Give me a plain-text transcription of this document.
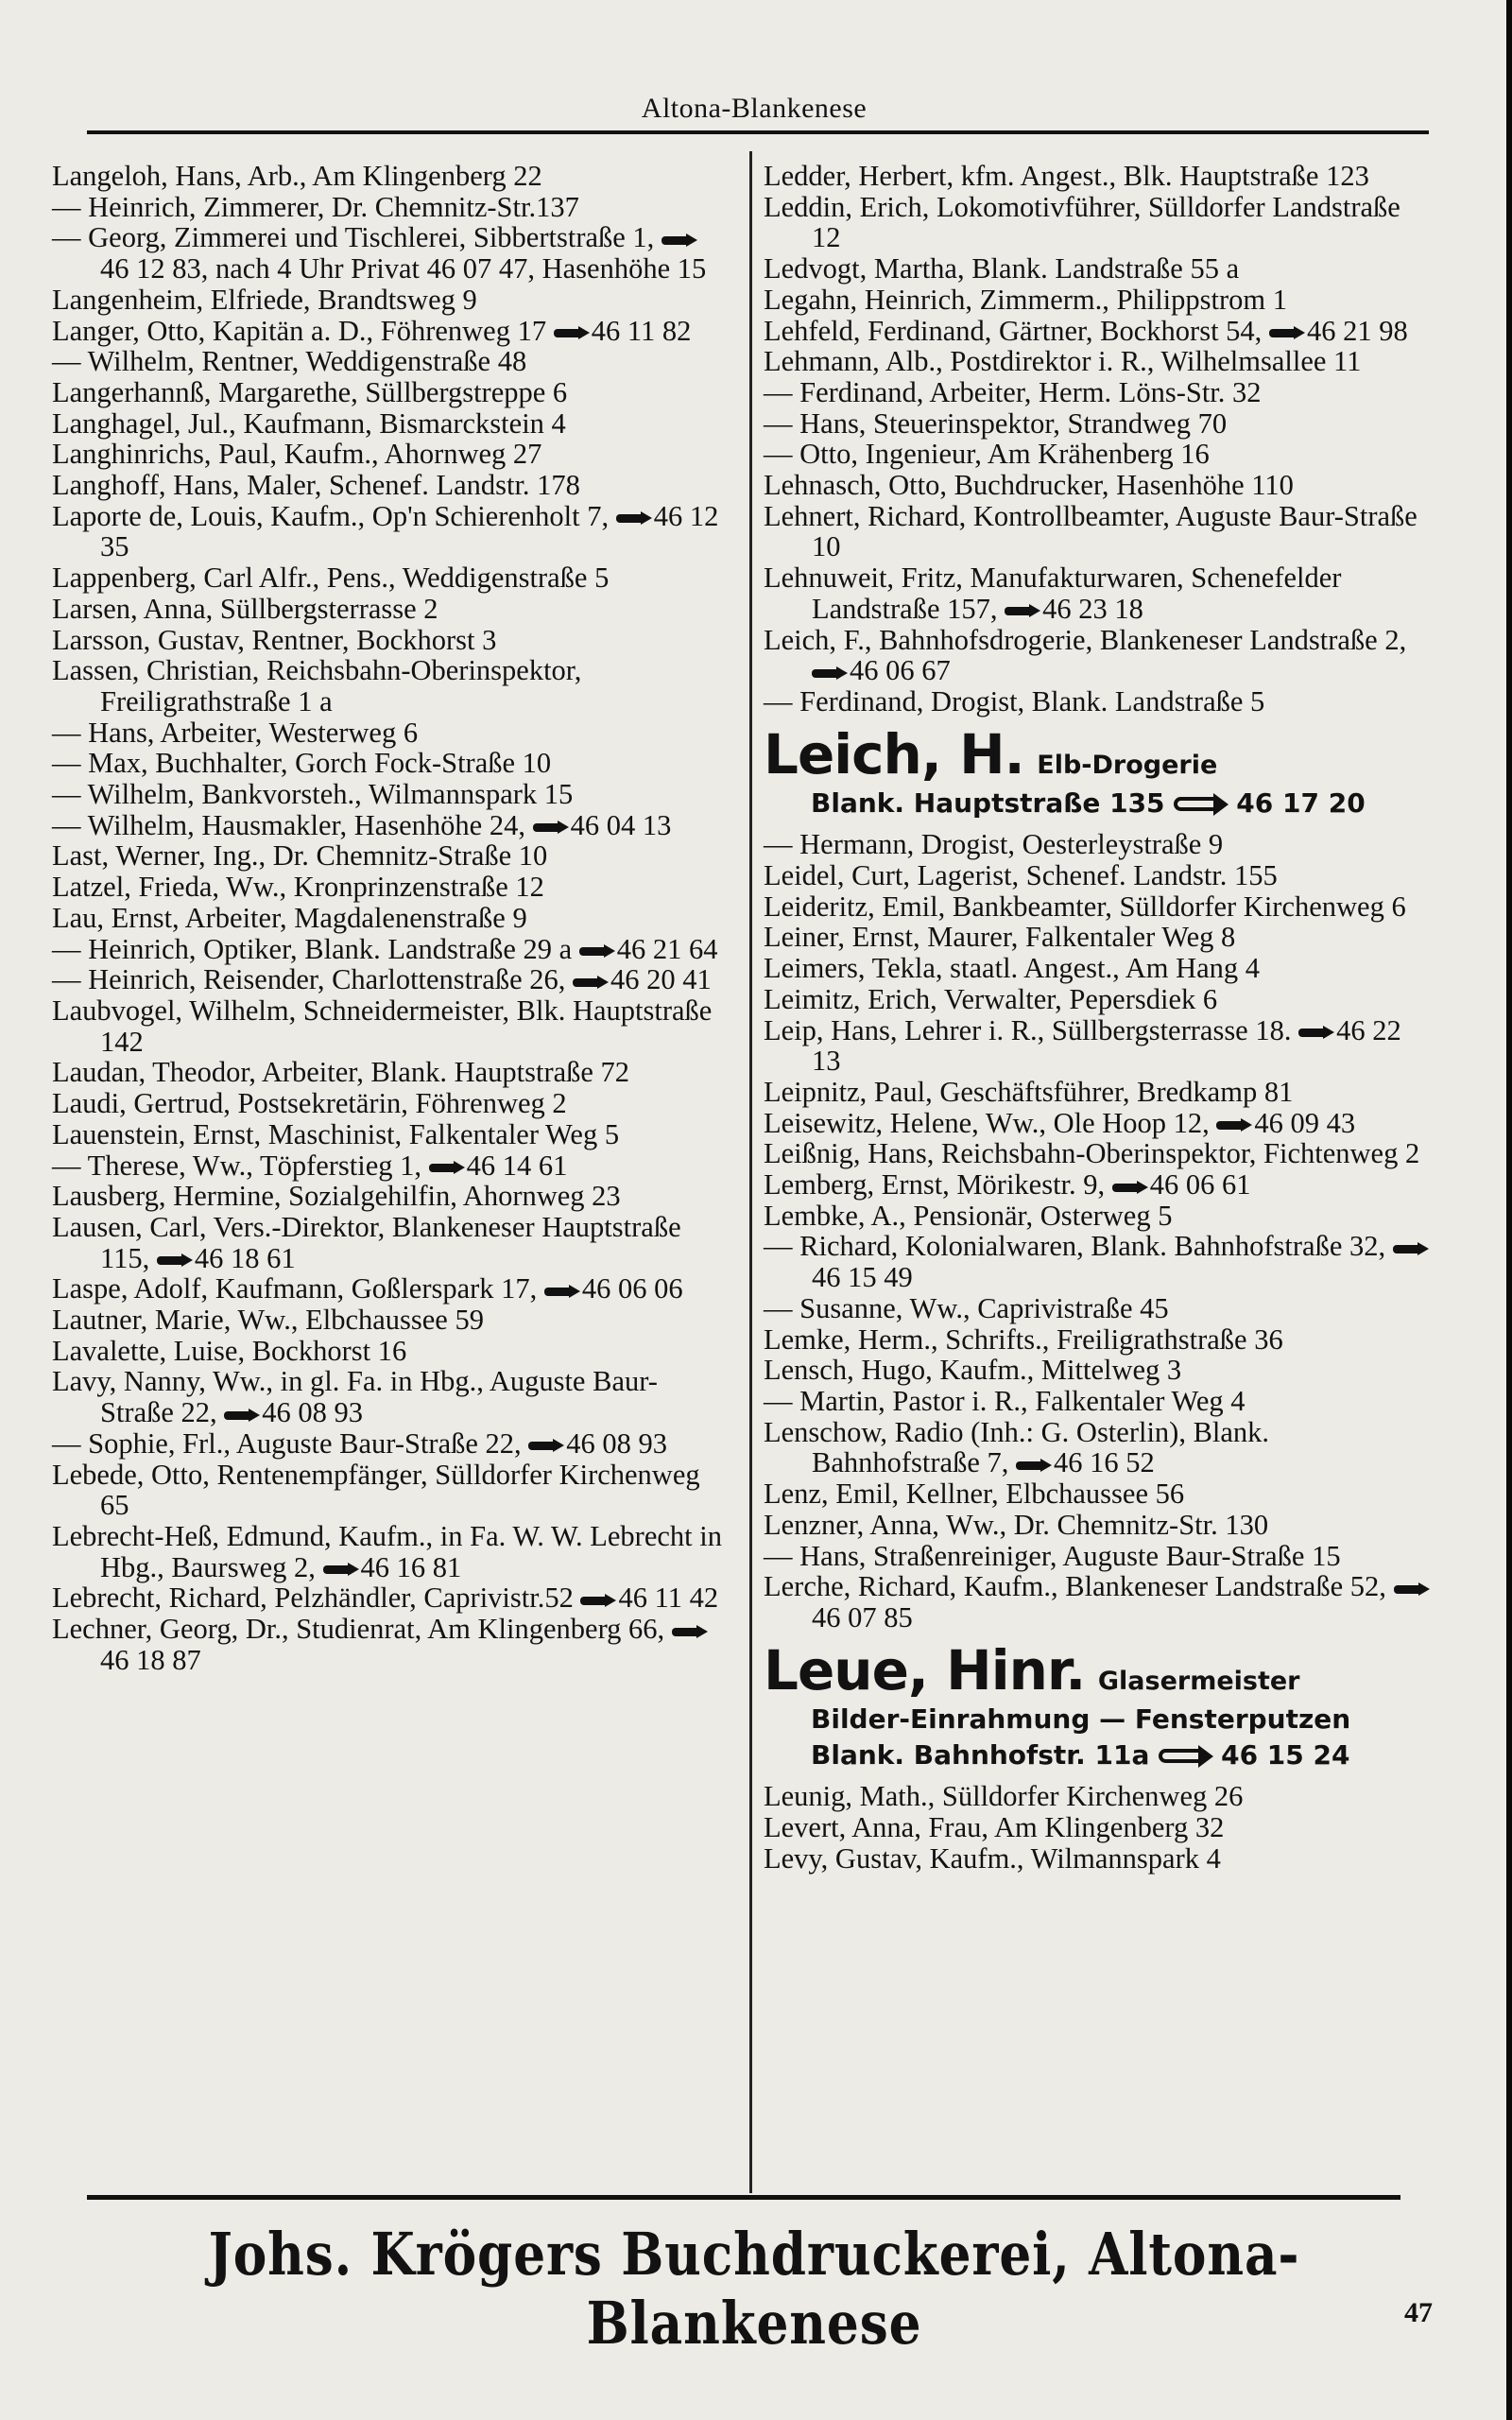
Altona-Blankenese
Langeloh, Hans, Arb., Am Klingenberg 22
— Heinrich, Zimmerer, Dr. Chemnitz-Str.137
— Georg, Zimmerei und Tischlerei, Sibbertstraße 1, 46 12 83, nach 4 Uhr Privat 46 07 47, Hasenhöhe 15
Langenheim, Elfriede, Brandtsweg 9
Langer, Otto, Kapitän a. D., Föhrenweg 17 46 11 82
— Wilhelm, Rentner, Weddigenstraße 48
Langerhannß, Margarethe, Süllbergstreppe 6
Langhagel, Jul., Kaufmann, Bismarckstein 4
Langhinrichs, Paul, Kaufm., Ahornweg 27
Langhoff, Hans, Maler, Schenef. Landstr. 178
Laporte de, Louis, Kaufm., Op'n Schierenholt 7, 46 12 35
Lappenberg, Carl Alfr., Pens., Weddigenstraße 5
Larsen, Anna, Süllbergsterrasse 2
Larsson, Gustav, Rentner, Bockhorst 3
Lassen, Christian, Reichsbahn-Oberinspektor, Freiligrathstraße 1 a
— Hans, Arbeiter, Westerweg 6
— Max, Buchhalter, Gorch Fock-Straße 10
— Wilhelm, Bankvorsteh., Wilmannspark 15
— Wilhelm, Hausmakler, Hasenhöhe 24, 46 04 13
Last, Werner, Ing., Dr. Chemnitz-Straße 10
Latzel, Frieda, Ww., Kronprinzenstraße 12
Lau, Ernst, Arbeiter, Magdalenenstraße 9
— Heinrich, Optiker, Blank. Landstraße 29 a 46 21 64
— Heinrich, Reisender, Charlottenstraße 26, 46 20 41
Laubvogel, Wilhelm, Schneidermeister, Blk. Hauptstraße 142
Laudan, Theodor, Arbeiter, Blank. Hauptstraße 72
Laudi, Gertrud, Postsekretärin, Föhrenweg 2
Lauenstein, Ernst, Maschinist, Falkentaler Weg 5
— Therese, Ww., Töpferstieg 1, 46 14 61
Lausberg, Hermine, Sozialgehilfin, Ahornweg 23
Lausen, Carl, Vers.-Direktor, Blankeneser Hauptstraße 115, 46 18 61
Laspe, Adolf, Kaufmann, Goßlerspark 17, 46 06 06
Lautner, Marie, Ww., Elbchaussee 59
Lavalette, Luise, Bockhorst 16
Lavy, Nanny, Ww., in gl. Fa. in Hbg., Auguste Baur-Straße 22, 46 08 93
— Sophie, Frl., Auguste Baur-Straße 22, 46 08 93
Lebede, Otto, Rentenempfänger, Sülldorfer Kirchenweg 65
Lebrecht-Heß, Edmund, Kaufm., in Fa. W. W. Lebrecht in Hbg., Baursweg 2, 46 16 81
Lebrecht, Richard, Pelzhändler, Caprivistr.52 46 11 42
Lechner, Georg, Dr., Studienrat, Am Klingenberg 66, 46 18 87
Ledder, Herbert, kfm. Angest., Blk. Hauptstraße 123
Leddin, Erich, Lokomotivführer, Sülldorfer Landstraße 12
Ledvogt, Martha, Blank. Landstraße 55 a
Legahn, Heinrich, Zimmerm., Philippstrom 1
Lehfeld, Ferdinand, Gärtner, Bockhorst 54, 46 21 98
Lehmann, Alb., Postdirektor i. R., Wilhelmsallee 11
— Ferdinand, Arbeiter, Herm. Löns-Str. 32
— Hans, Steuerinspektor, Strandweg 70
— Otto, Ingenieur, Am Krähenberg 16
Lehnasch, Otto, Buchdrucker, Hasenhöhe 110
Lehnert, Richard, Kontrollbeamter, Auguste Baur-Straße 10
Lehnuweit, Fritz, Manufakturwaren, Schenefelder Landstraße 157, 46 23 18
Leich, F., Bahnhofsdrogerie, Blankeneser Landstraße 2, 46 06 67
— Ferdinand, Drogist, Blank. Landstraße 5
Leich, H. Elb-Drogerie
Blank. Hauptstraße 135	46 17 20
— Hermann, Drogist, Oesterleystraße 9
Leidel, Curt, Lagerist, Schenef. Landstr. 155
Leideritz, Emil, Bankbeamter, Sülldorfer Kirchenweg 6
Leiner, Ernst, Maurer, Falkentaler Weg 8
Leimers, Tekla, staatl. Angest., Am Hang 4
Leimitz, Erich, Verwalter, Pepersdiek 6
Leip, Hans, Lehrer i. R., Süllbergsterrasse 18. 46 22 13
Leipnitz, Paul, Geschäftsführer, Bredkamp 81
Leisewitz, Helene, Ww., Ole Hoop 12, 46 09 43
Leißnig, Hans, Reichsbahn-Oberinspektor, Fichtenweg 2
Lemberg, Ernst, Mörikestr. 9, 46 06 61
Lembke, A., Pensionär, Osterweg 5
— Richard, Kolonialwaren, Blank. Bahnhofstraße 32, 46 15 49
— Susanne, Ww., Caprivistraße 45
Lemke, Herm., Schrifts., Freiligrathstraße 36
Lensch, Hugo, Kaufm., Mittelweg 3
— Martin, Pastor i. R., Falkentaler Weg 4
Lenschow, Radio (Inh.: G. Osterlin), Blank. Bahnhofstraße 7, 46 16 52
Lenz, Emil, Kellner, Elbchaussee 56
Lenzner, Anna, Ww., Dr. Chemnitz-Str. 130
— Hans, Straßenreiniger, Auguste Baur-Straße 15
Lerche, Richard, Kaufm., Blankeneser Landstraße 52, 46 07 85
Leue, Hinr. Glasermeister
Bilder-Einrahmung — Fensterputzen
Blank. Bahnhofstr. 11a	46 15 24
Leunig, Math., Sülldorfer Kirchenweg 26
Levert, Anna, Frau, Am Klingenberg 32
Levy, Gustav, Kaufm., Wilmannspark 4
Johs. Krögers Buchdruckerei, Altona-Blankenese	47
